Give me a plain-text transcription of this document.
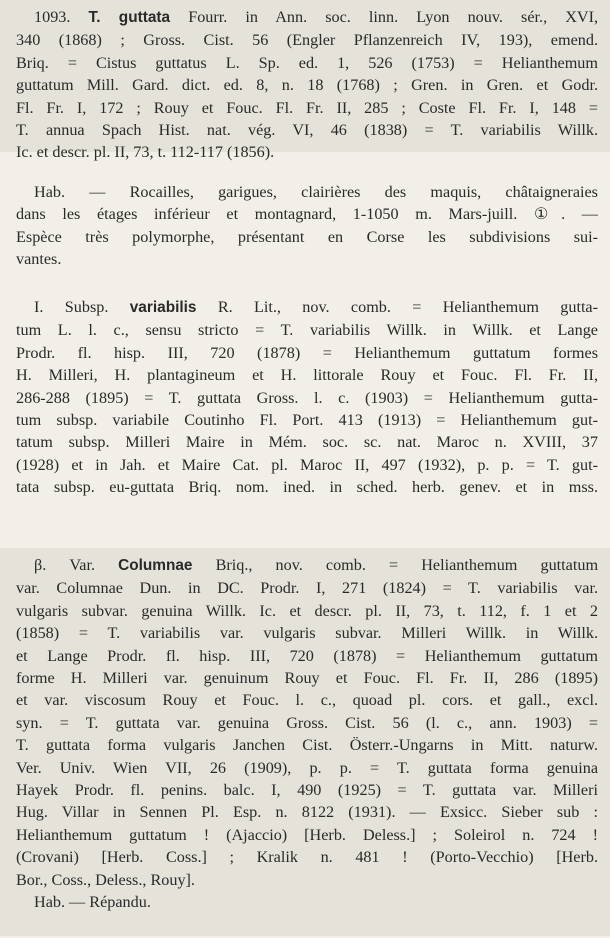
1093. T. guttata Fourr. in Ann. soc. linn. Lyon nouv. sér., XVI,
340 (1868) ; Gross. Cist. 56 (Engler Pflanzenreich IV, 193), emend.
Briq. = Cistus guttatus L. Sp. ed. 1, 526 (1753) = Helianthemum
guttatum Mill. Gard. dict. ed. 8, n. 18 (1768) ; Gren. in Gren. et Godr.
Fl. Fr. I, 172 ; Rouy et Fouc. Fl. Fr. II, 285 ; Coste Fl. Fr. I, 148 =
T. annua Spach Hist. nat. vég. VI, 46 (1838) = T. variabilis Willk.
Ic. et descr. pl. II, 73, t. 112-117 (1856).
Hab. — Rocailles, garigues, clairières des maquis, châtaigneraies
dans les étages inférieur et montagnard, 1-1050 m. Mars-juill. ①. —
Espèce très polymorphe, présentant en Corse les subdivisions sui-
vantes.
I. Subsp. variabilis R. Lit., nov. comb. = Helianthemum gutta-
tum L. l. c., sensu stricto = T. variabilis Willk. in Willk. et Lange
Prodr. fl. hisp. III, 720 (1878) = Helianthemum guttatum formes
H. Milleri, H. plantagineum et H. littorale Rouy et Fouc. Fl. Fr. II,
286-288 (1895) = T. guttata Gross. l. c. (1903) = Helianthemum gutta-
tum subsp. variabile Coutinho Fl. Port. 413 (1913) = Helianthemum gut-
tatum subsp. Milleri Maire in Mém. soc. sc. nat. Maroc n. XVIII, 37
(1928) et in Jah. et Maire Cat. pl. Maroc II, 497 (1932), p. p. = T. gut-
tata subsp. eu-guttata Briq. nom. ined. in sched. herb. genev. et in mss.
β. Var. Columnae Briq., nov. comb. = Helianthemum guttatum
var. Columnae Dun. in DC. Prodr. I, 271 (1824) = T. variabilis var.
vulgaris subvar. genuina Willk. Ic. et descr. pl. II, 73, t. 112, f. 1 et 2
(1858) = T. variabilis var. vulgaris subvar. Milleri Willk. in Willk.
et Lange Prodr. fl. hisp. III, 720 (1878) = Helianthemum guttatum
forme H. Milleri var. genuinum Rouy et Fouc. Fl. Fr. II, 286 (1895)
et var. viscosum Rouy et Fouc. l. c., quoad pl. cors. et gall., excl.
syn. = T. guttata var. genuina Gross. Cist. 56 (l. c., ann. 1903) =
T. guttata forma vulgaris Janchen Cist. Österr.-Ungarns in Mitt. naturw.
Ver. Univ. Wien VII, 26 (1909), p. p. = T. guttata forma genuina
Hayek Prodr. fl. penins. balc. I, 490 (1925) = T. guttata var. Milleri
Hug. Villar in Sennen Pl. Esp. n. 8122 (1931). — Exsicc. Sieber sub :
Helianthemum guttatum ! (Ajaccio) [Herb. Deless.] ; Soleirol n. 724 !
(Crovani) [Herb. Coss.] ; Kralik n. 481 ! (Porto-Vecchio) [Herb.
Bor., Coss., Deless., Rouy].
Hab. — Répandu.
